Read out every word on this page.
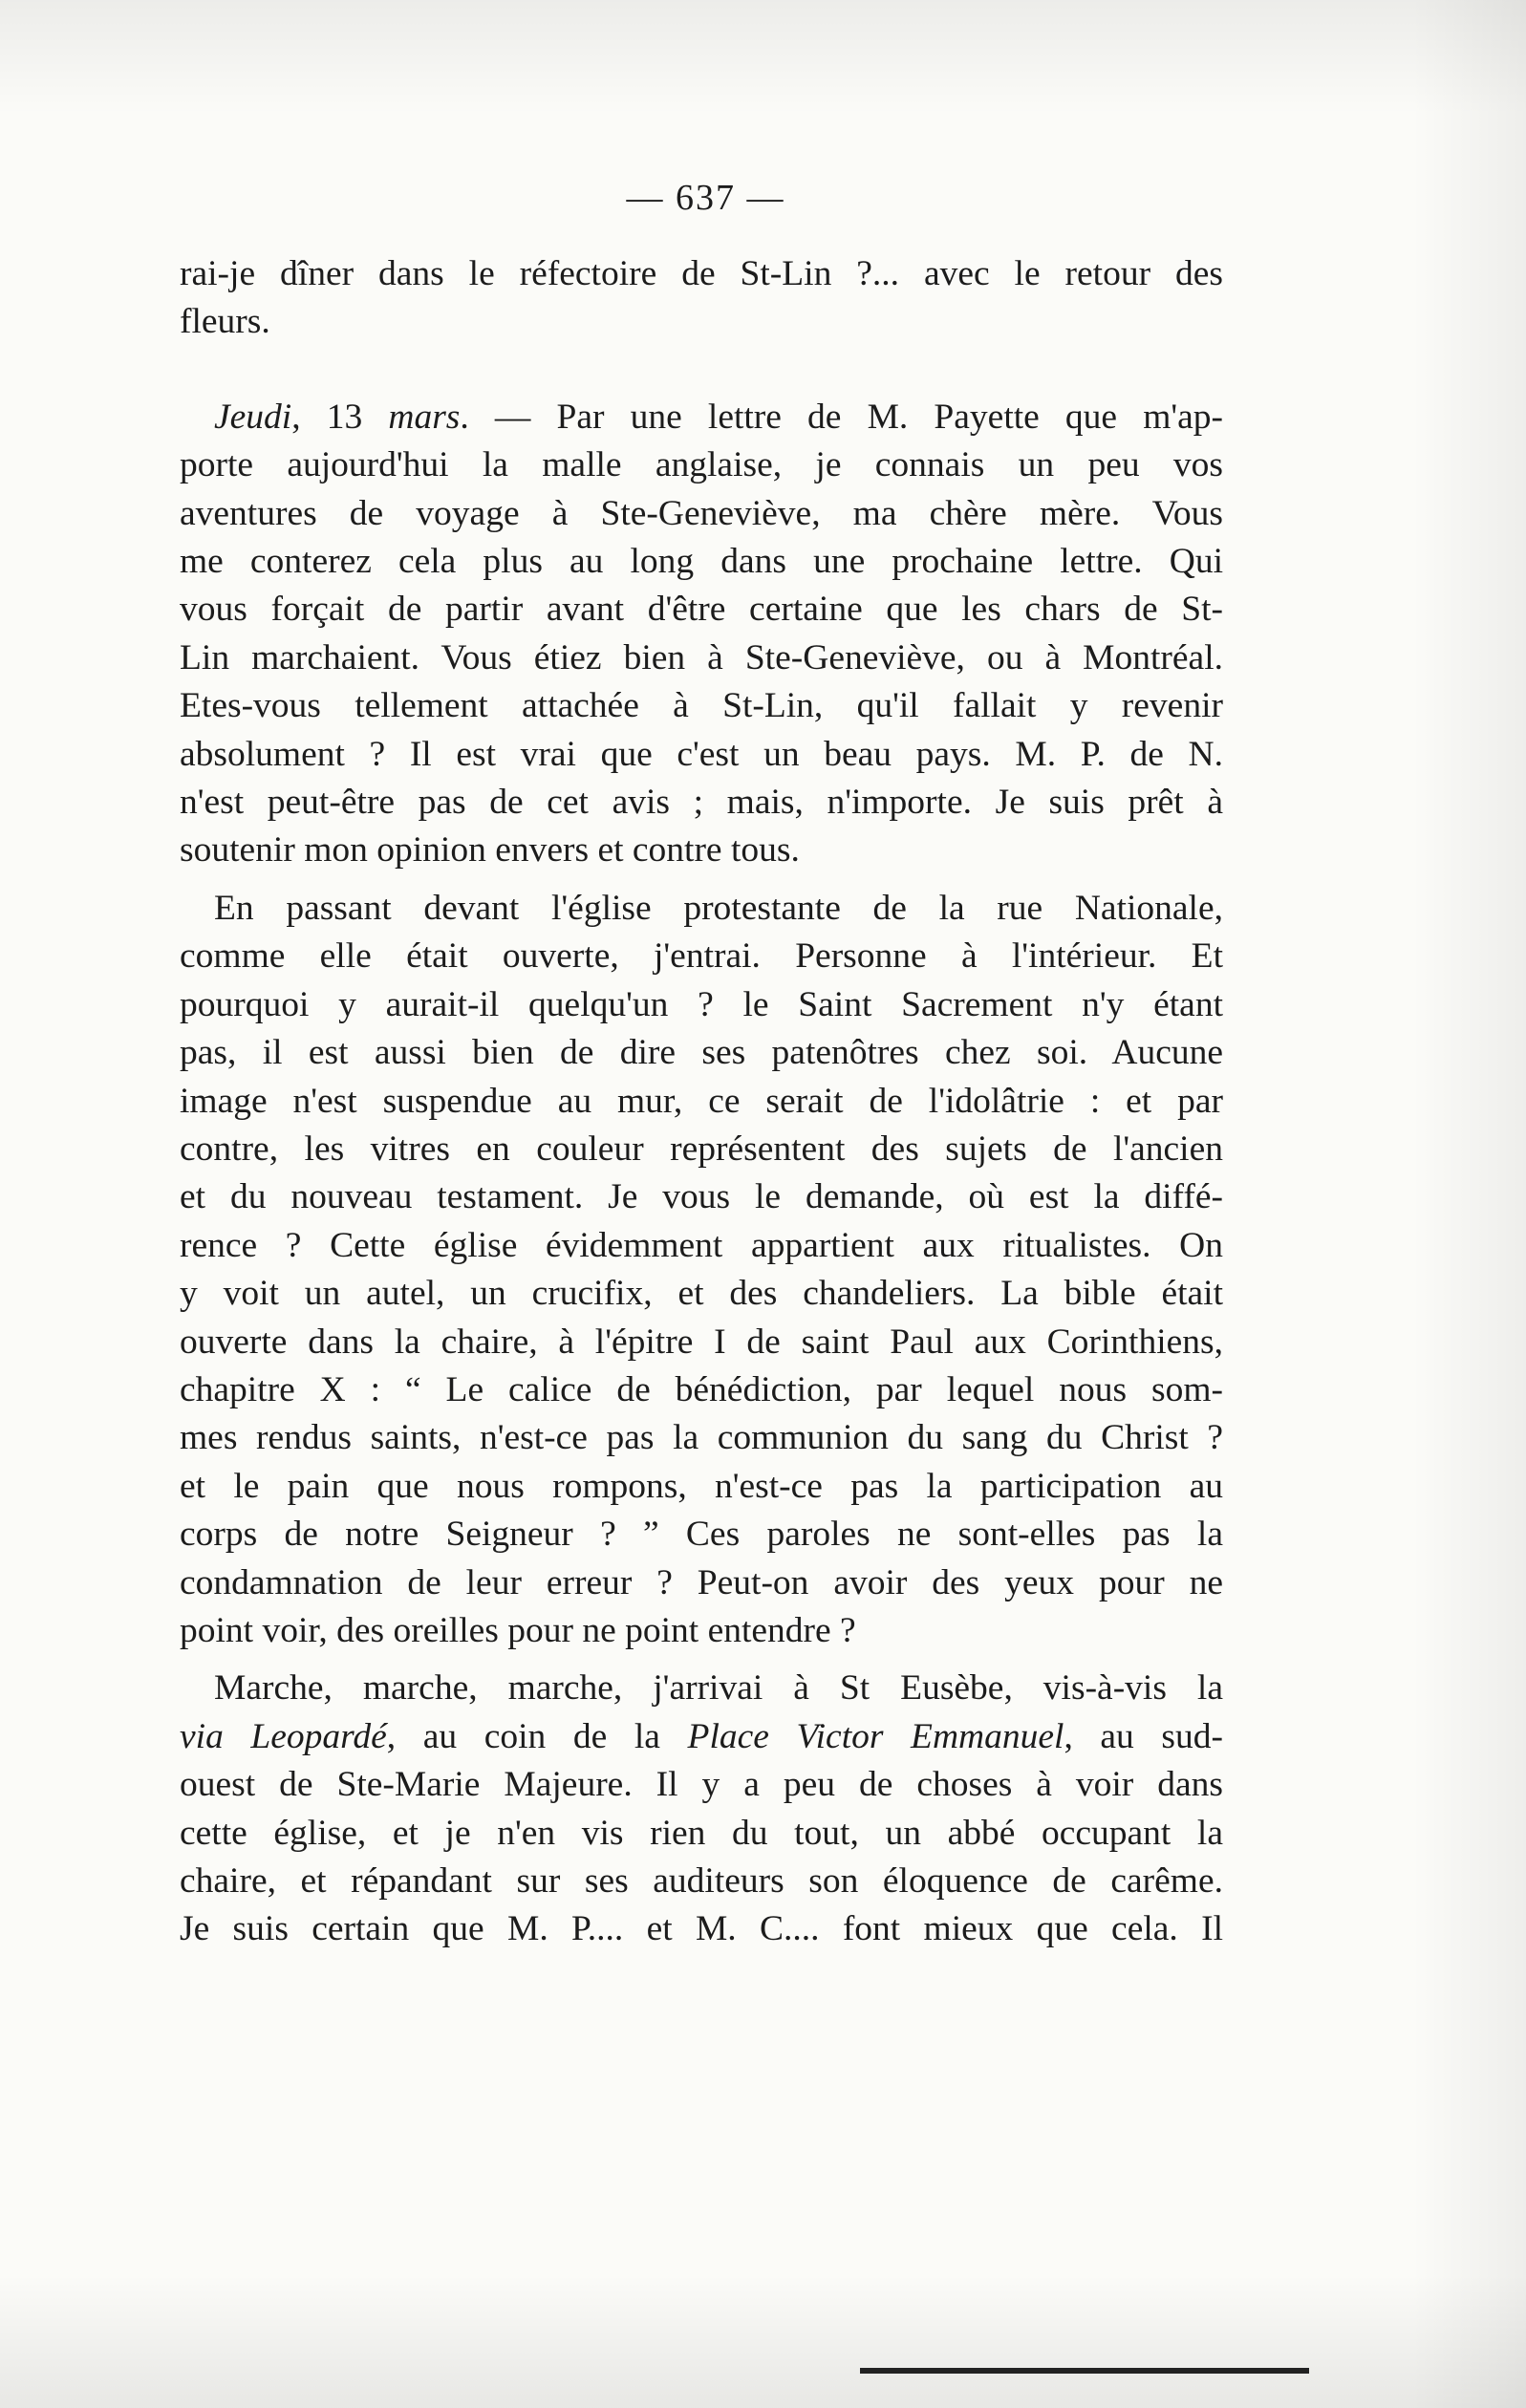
— 637 —

rai-je dîner dans le réfectoire de St-Lin ?... avec le retour des

fleurs.

Jeudi, 13 mars. — Par une lettre de M. Payette que m'ap-

porte aujourd'hui la malle anglaise, je connais un peu vos

aventures de voyage à Ste-Geneviève, ma chère mère. Vous

me conterez cela plus au long dans une prochaine lettre. Qui

vous forçait de partir avant d'être certaine que les chars de St-

Lin marchaient. Vous étiez bien à Ste-Geneviève, ou à Montréal.

Etes-vous tellement attachée à St-Lin, qu'il fallait y revenir

absolument ? Il est vrai que c'est un beau pays. M. P. de N.

n'est peut-être pas de cet avis ; mais, n'importe. Je suis prêt à

soutenir mon opinion envers et contre tous.

En passant devant l'église protestante de la rue Nationale,

comme elle était ouverte, j'entrai. Personne à l'intérieur. Et

pourquoi y aurait-il quelqu'un ? le Saint Sacrement n'y étant

pas, il est aussi bien de dire ses patenôtres chez soi. Aucune

image n'est suspendue au mur, ce serait de l'idolâtrie : et par

contre, les vitres en couleur représentent des sujets de l'ancien

et du nouveau testament. Je vous le demande, où est la diffé-

rence ? Cette église évidemment appartient aux ritualistes. On

y voit un autel, un crucifix, et des chandeliers. La bible était

ouverte dans la chaire, à l'épitre I de saint Paul aux Corinthiens,

chapitre X : “ Le calice de bénédiction, par lequel nous som-

mes rendus saints, n'est-ce pas la communion du sang du Christ ?

et le pain que nous rompons, n'est-ce pas la participation au

corps de notre Seigneur ? ” Ces paroles ne sont-elles pas la

condamnation de leur erreur ? Peut-on avoir des yeux pour ne

point voir, des oreilles pour ne point entendre ?

Marche, marche, marche, j'arrivai à St Eusèbe, vis-à-vis la

via Leopardé, au coin de la Place Victor Emmanuel, au sud-

ouest de Ste-Marie Majeure. Il y a peu de choses à voir dans

cette église, et je n'en vis rien du tout, un abbé occupant la

chaire, et répandant sur ses auditeurs son éloquence de carême.

Je suis certain que M. P.... et M. C.... font mieux que cela. Il
